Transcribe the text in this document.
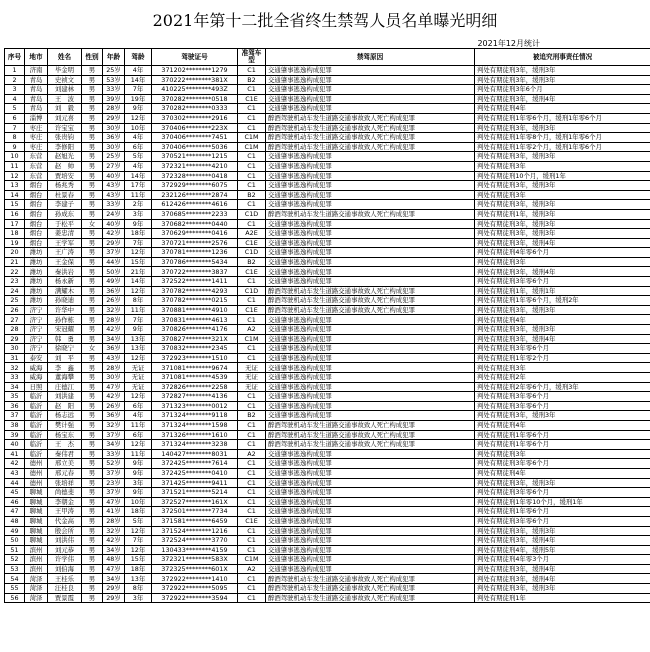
2021年第十二批全省终生禁驾人员名单曝光明细
2021年12月统计
序号	地市	姓名	性别	年龄	驾龄	驾驶证号	准驾车型	禁驾原因	被追究刑事责任情况
1	济南	毕金明	男	25岁	4年	371202********1279	C1	交通肇事逃逸构成犯罪	判处有期徒刑3年，缓刑3年
2	青岛	史祯文	男	53岁	14年	370222********381X	B2	交通肇事逃逸构成犯罪	判处有期徒刑3年，缓刑3年
3	青岛	刘建林	男	33岁	7年	410225********493Z	C1	交通肇事逃逸构成犯罪	判处有期徒刑3年6个月
4	青岛	王　波	男	39岁	19年	370282********0518	C1E	交通肇事逃逸构成犯罪	判处有期徒刑3年，缓刑4年
5	青岛	刘　毅	男	28岁	9年	370282********0333	C1	交通肇事逃逸构成犯罪	判处有期徒刑4年
6	淄博	刘元喜	男	29岁	12年	370302********2916	C1	醉酒驾驶机动车发生道路交通事故致人死亡构成犯罪	判处有期徒刑1年零6个月，缓刑1年零6个月
7	枣庄	许宝宝	男	30岁	10年	370406********223X	C1	醉酒驾驶机动车发生道路交通事故致人死亡构成犯罪	判处有期徒刑3年，缓刑3年
8	枣庄	张贵钧	男	36岁	4年	370406********7451	C1M	醉酒驾驶机动车发生道路交通事故致人死亡构成犯罪	判处有期徒刑1年零8个月，缓刑1年零6个月
9	枣庄	李修阳	男	30岁	6年	370406********5036	C1M	醉酒驾驶机动车发生道路交通事故致人死亡构成犯罪	判处有期徒刑1年零2个月，缓刑1年零6个月
10	东营	赵旭光	男	25岁	5年	370521********1215	C1	交通肇事逃逸构成犯罪	判处有期徒刑3年，缓刑3年
11	东营	赵　帅	男	27岁	4年	372321********4210	C1	交通肇事逃逸构成犯罪	判处有期徒刑3年
12	东营	贾培安	男	40岁	14年	372328********0418	C1	交通肇事逃逸构成犯罪	判处有期徒刑10个月，缓刑1年
13	烟台	杨兆秀	男	43岁	17年	372929********6075	C1	交通肇事逃逸构成犯罪	判处有期徒刑3年，缓刑3年
14	烟台	杜景春	男	43岁	11年	232126********2874	B2	交通肇事逃逸构成犯罪	判处有期徒刑3年
15	烟台	李建子	男	33岁	2年	612426********4616	C1	交通肇事逃逸构成犯罪	判处有期徒刑3年，缓刑3年
16	烟台	孙成东	男	24岁	3年	370685********2233	C1D	醉酒驾驶机动车发生道路交通事故致人死亡构成犯罪	判处有期徒刑1年，缓刑3年
17	烟台	于松平	女	40岁	9年	370682********0440	C1	交通肇事逃逸构成犯罪	判处有期徒刑3年，缓刑3年
18	烟台	姜忠清	男	42岁	18年	370629********0416	A2E	交通肇事逃逸构成犯罪	判处有期徒刑3年，缓刑3年
19	烟台	王学军	男	29岁	7年	370721********2576	C1E	交通肇事逃逸构成犯罪	判处有期徒刑3年，缓刑4年
20	潍坊	王广涛	男	37岁	12年	370781********1236	C1D	交通肇事逃逸构成犯罪	判处有期徒刑4年零6个月
21	潍坊	王金保	男	44岁	15年	370786********5434	B2	交通肇事逃逸构成犯罪	判处有期徒刑3年
22	潍坊	秦洪岩	男	50岁	21年	370722********3837	C1E	交通肇事逃逸构成犯罪	判处有期徒刑3年，缓刑4年
23	潍坊	杨永新	男	49岁	14年	372522********1411	C1	交通肇事逃逸构成犯罪	判处有期徒刑3年零6个月
24	潍坊	满耀木	男	36岁	12年	370782********4293	C1D	醉酒驾驶机动车发生道路交通事故致人死亡构成犯罪	判处有期徒刑1年，缓刑1年
25	潍坊	孙晓迪	男	26岁	8年	370782********0215	C1	醉酒驾驶机动车发生道路交通事故致人死亡构成犯罪	判处有期徒刑1年零6个月，缓刑2年
26	济宁	许华中	男	32岁	11年	370881********4910	C1E	醉酒驾驶机动车发生道路交通事故致人死亡构成犯罪	判处有期徒刑3年，缓刑3年
27	济宁	孙作栋	男	28岁	7年	370831********4613	C1	交通肇事逃逸构成犯罪	判处有期徒刑4年
28	济宁	宋冠耀	男	42岁	9年	370826********4176	A2	交通肇事逃逸构成犯罪	判处有期徒刑3年，缓刑3年
29	济宁	韩　勇	男	34岁	13年	370827********321X	C1M	交通肇事逃逸构成犯罪	判处有期徒刑3年，缓刑4年
30	济宁	徐晓宁	女	36岁	13年	370832********2345	C1	交通肇事逃逸构成犯罪	判处有期徒刑3年零6个月
31	泰安	刘　平	男	43岁	12年	372923********1510	C1	交通肇事逃逸构成犯罪	判处有期徒刑1年零2个月
32	威海	李　鑫	男	28岁	无证	371081********9674	无证	交通肇事逃逸构成犯罪	判处有期徒刑3年
33	威海	董海攀	男	30岁	无证	371081********4539	无证	交通肇事逃逸构成犯罪	判处有期徒刑2年
34	日照	庄德江	男	47岁	无证	372826********2258	无证	交通肇事逃逸构成犯罪	判处有期徒刑2年零6个月，缓刑3年
35	临沂	刘洪建	男	42岁	12年	372827********4136	C1	交通肇事逃逸构成犯罪	判处有期徒刑3年零6个月
36	临沂	赵　阳	男	26岁	6年	371323********0012	C1	交通肇事逃逸构成犯罪	判处有期徒刑3年零6个月
37	临沂	杨志远	男	36岁	4年	371324********9118	B2	交通肇事逃逸构成犯罪	判处有期徒刑3年，缓刑3年
38	临沂	樊计强	男	32岁	11年	371324********1598	C1	醉酒驾驶机动车发生道路交通事故致人死亡构成犯罪	判处有期徒刑4年
39	临沂	杨宝东	男	37岁	6年	371326********1610	C1	醉酒驾驶机动车发生道路交通事故致人死亡构成犯罪	判处有期徒刑1年零6个月
40	临沂	王　杰	男	34岁	12年	371324********3238	C1	醉酒驾驶机动车发生道路交通事故致人死亡构成犯罪	判处有期徒刑1年零6个月
41	临沂	秦伟君	男	33岁	11年	140427********8031	A2	交通肇事逃逸构成犯罪	判处有期徒刑3年
42	德州	邢立美	男	52岁	9年	372425********7614	C1	交通肇事逃逸构成犯罪	判处有期徒刑3年零6个月
43	德州	邢元春	男	37岁	9年	372425********0410	C1	交通肇事逃逸构成犯罪	判处有期徒刑4年
44	德州	张培祥	男	23岁	3年	371425********9411	C1	交通肇事逃逸构成犯罪	判处有期徒刑3年，缓刑3年
45	聊城	尚德斐	男	37岁	9年	371521********5214	C1	交通肇事逃逸构成犯罪	判处有期徒刑3年零6个月
46	聊城	李朝金	男	47岁	10年	372527********161X	C1	交通肇事逃逸构成犯罪	判处有期徒刑1年零10个月，缓刑1年
47	聊城	王甲涛	男	41岁	18年	372501********7734	C1	交通肇事逃逸构成犯罪	判处有期徒刑1年零6个月
48	聊城	代金高	男	28岁	5年	371581********6459	C1E	交通肇事逃逸构成犯罪	判处有期徒刑3年零6个月
49	聊城	殷会所	男	32岁	12年	371524********1216	C1	交通肇事逃逸构成犯罪	判处有期徒刑3年，缓刑3年
50	聊城	刘洪伟	男	42岁	7年	372524********3770	C1	交通肇事逃逸构成犯罪	判处有期徒刑3年，缓刑4年
51	滨州	刘元恭	男	34岁	12年	130433********4159	C1	交通肇事逃逸构成犯罪	判处有期徒刑4年，缓刑5年
52	滨州	许学伟	男	48岁	15年	372321********583X	C1M	交通肇事逃逸构成犯罪	判处有期徒刑4年零3个月
53	滨州	刘伯海	男	47岁	18年	372325********601X	A2	交通肇事逃逸构成犯罪	判处有期徒刑3年，缓刑4年
54	菏泽	王桂乐	男	34岁	13年	372922********1410	C1	醉酒驾驶机动车发生道路交通事故致人死亡构成犯罪	判处有期徒刑3年，缓刑4年
55	菏泽	汪桂良	男	29岁	8年	372922********5095	C1	醉酒驾驶机动车发生道路交通事故致人死亡构成犯罪	判处有期徒刑3年，缓刑3年
56	菏泽	贾景霞	男	29岁	3年	372922********3594	C1	醉酒驾驶机动车发生道路交通事故致人死亡构成犯罪	判处有期徒刑1年
